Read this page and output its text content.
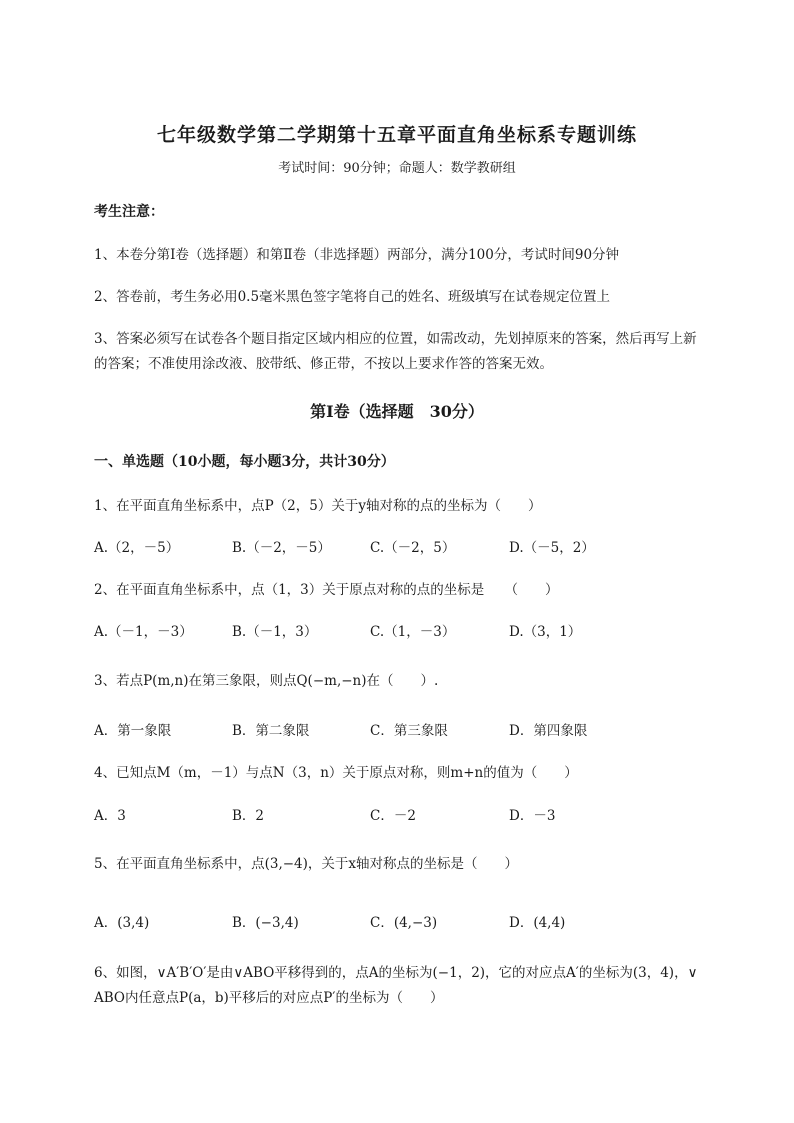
七年级数学第二学期第十五章平面直角坐标系专题训练
考试时间：90分钟；命题人：数学教研组
考生注意：
1、本卷分第Ⅰ卷（选择题）和第Ⅱ卷（非选择题）两部分，满分100分，考试时间90分钟
2、答卷前，考生务必用0.5毫米黑色签字笔将自己的姓名、班级填写在试卷规定位置上
3、答案必须写在试卷各个题目指定区域内相应的位置，如需改动，先划掉原来的答案，然后再写上新
的答案；不准使用涂改液、胶带纸、修正带，不按以上要求作答的答案无效。
第Ⅰ卷（选择题　30分）
一、单选题（10小题，每小题3分，共计30分）
1、在平面直角坐标系中，点P（2，5）关于y轴对称的点的坐标为（　　）
A.（2，－5）	B.（－2，－5）	C.（－2，5）	D.（－5，2）
2、在平面直角坐标系中，点（1，3）关于原点对称的点的坐标是　　（　　）
A.（－1，－3）	B.（－1，3）	C.（1，－3）	D.（3，1）
3、若点P(m,n)在第三象限，则点Q(−m,−n)在（　　）.
A．第一象限	B．第二象限	C．第三象限	D．第四象限
4、已知点M（m，－1）与点N（3，n）关于原点对称，则m+n的值为（　　）
A．3	B．2	C．－2	D．－3
5、在平面直角坐标系中，点(3,−4)，关于x轴对称点的坐标是（　　）
A．(3,4)	B．(−3,4)	C．(4,−3)	D．(4,4)
6、如图，∨A′B′O′是由∨ABO平移得到的，点A的坐标为(−1，2)，它的对应点A′的坐标为(3，4)，∨
ABO内任意点P(a，b)平移后的对应点P′的坐标为（　　）
